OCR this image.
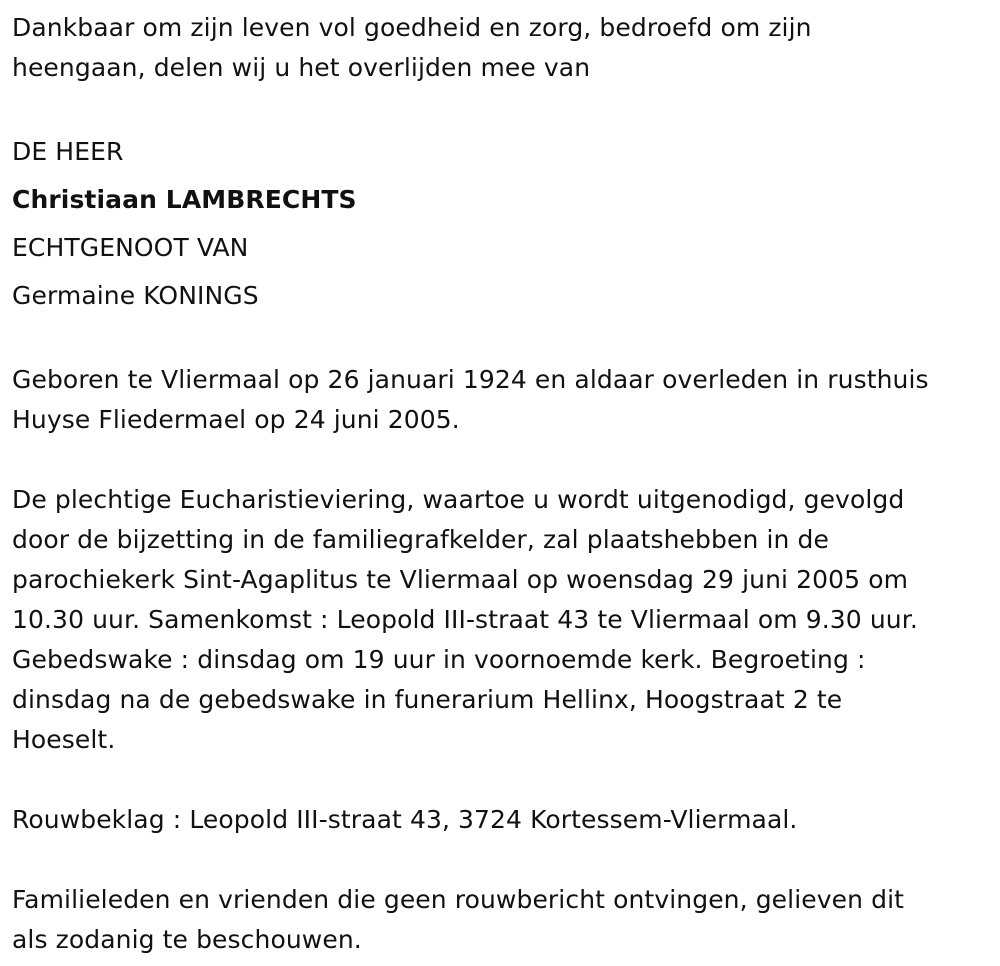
Dankbaar om zijn leven vol goedheid en zorg, bedroefd om zijn
heengaan, delen wij u het overlijden mee van
DE HEER
Christiaan LAMBRECHTS
ECHTGENOOT VAN
Germaine KONINGS
Geboren te Vliermaal op 26 januari 1924 en aldaar overleden in rusthuis
Huyse Fliedermael op 24 juni 2005.
De plechtige Eucharistieviering, waartoe u wordt uitgenodigd, gevolgd
door de bijzetting in de familiegrafkelder, zal plaatshebben in de
parochiekerk Sint-Agaplitus te Vliermaal op woensdag 29 juni 2005 om
10.30 uur. Samenkomst : Leopold III-straat 43 te Vliermaal om 9.30 uur.
Gebedswake : dinsdag om 19 uur in voornoemde kerk. Begroeting :
dinsdag na de gebedswake in funerarium Hellinx, Hoogstraat 2 te
Hoeselt.
Rouwbeklag : Leopold III-straat 43, 3724 Kortessem-Vliermaal.
Familieleden en vrienden die geen rouwbericht ontvingen, gelieven dit
als zodanig te beschouwen.
